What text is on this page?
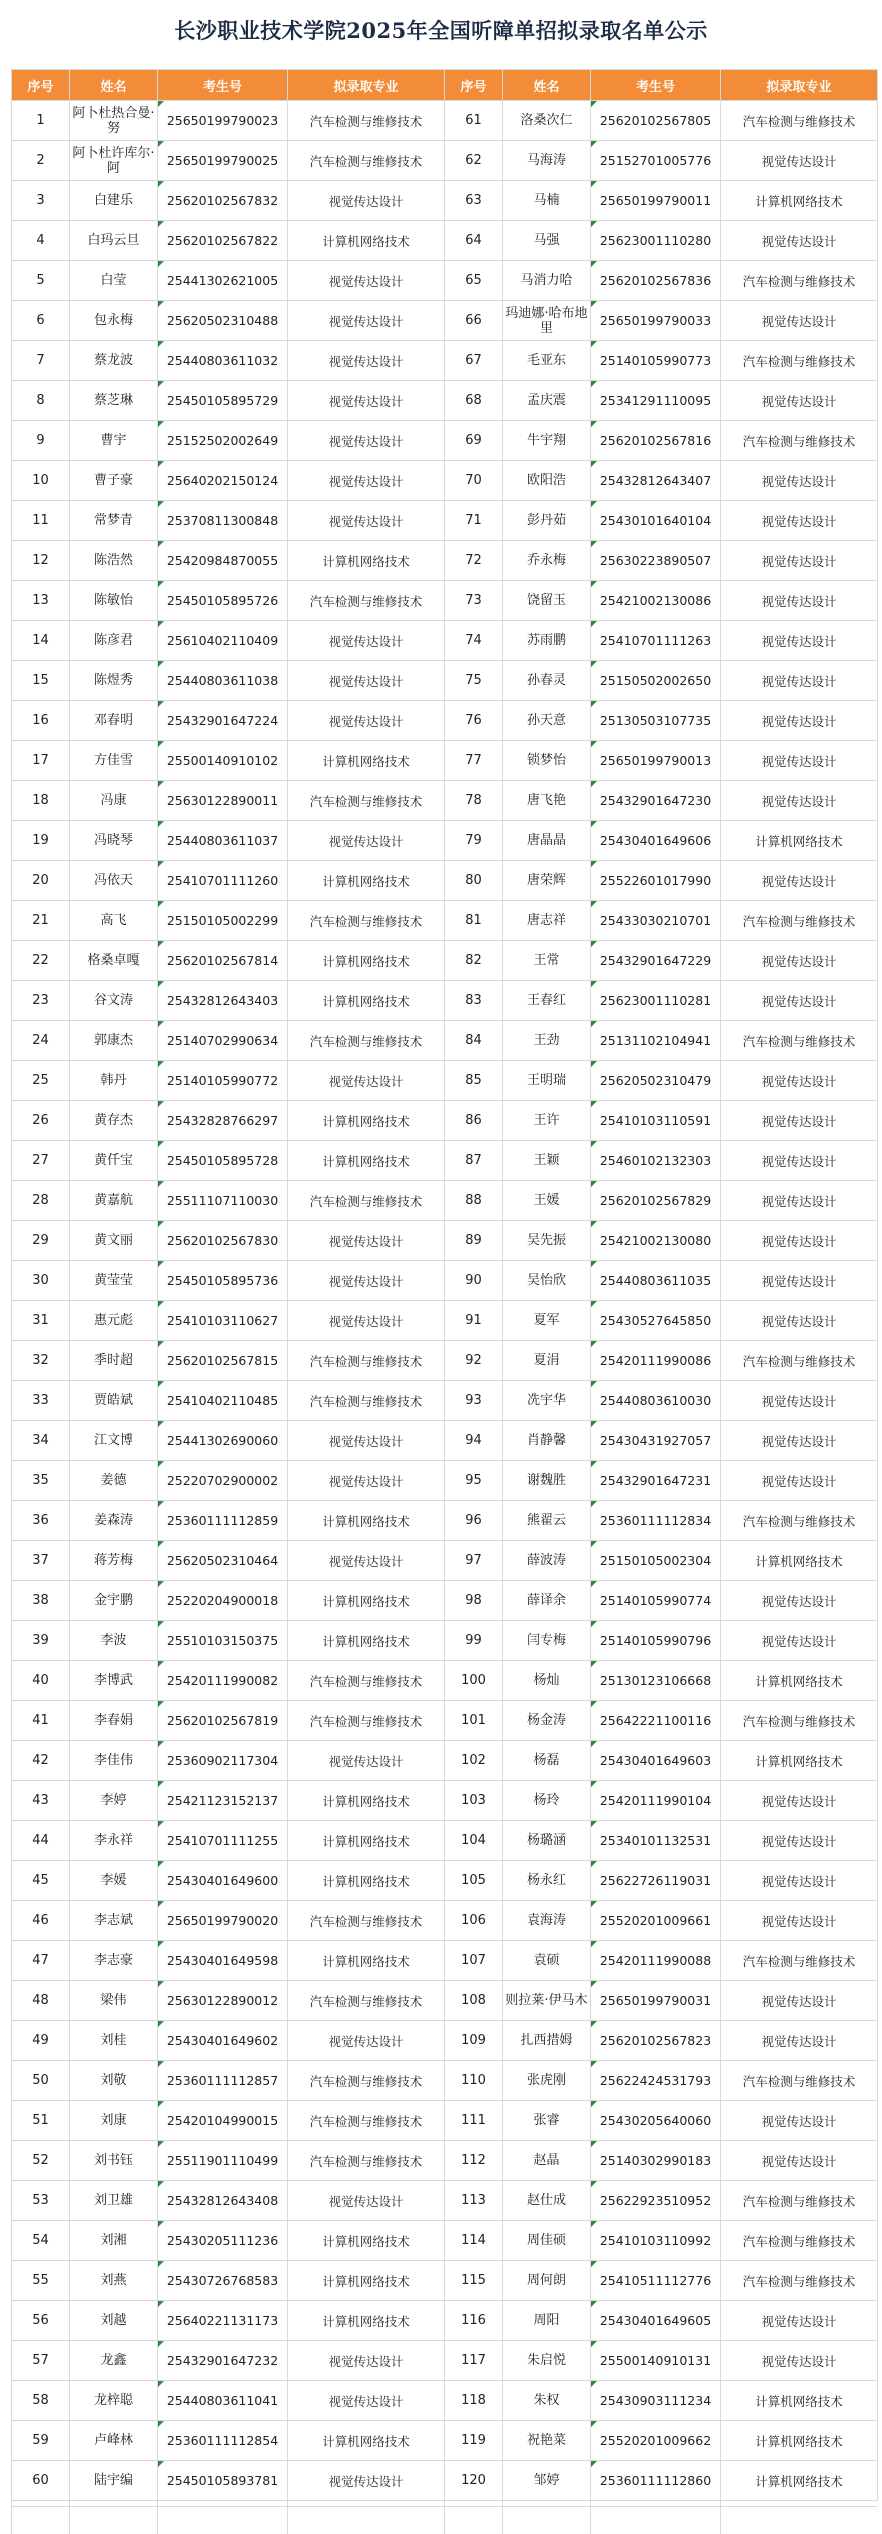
长沙职业技术学院2025年全国听障单招拟录取名单公示
序号	姓名	考生号	拟录取专业	序号	姓名	考生号	拟录取专业
1	阿卜杜热合曼·努	25650199790023	汽车检测与维修技术	61	洛桑次仁	25620102567805	汽车检测与维修技术
2	阿卜杜许库尔·阿	25650199790025	汽车检测与维修技术	62	马海涛	25152701005776	视觉传达设计
3	白建乐	25620102567832	视觉传达设计	63	马楠	25650199790011	计算机网络技术
4	白玛云旦	25620102567822	计算机网络技术	64	马强	25623001110280	视觉传达设计
5	白莹	25441302621005	视觉传达设计	65	马消力哈	25620102567836	汽车检测与维修技术
6	包永梅	25620502310488	视觉传达设计	66	玛迪娜·哈布地里	25650199790033	视觉传达设计
7	蔡龙波	25440803611032	视觉传达设计	67	毛亚东	25140105990773	汽车检测与维修技术
8	蔡芝琳	25450105895729	视觉传达设计	68	孟庆震	25341291110095	视觉传达设计
9	曹宇	25152502002649	视觉传达设计	69	牛宇翔	25620102567816	汽车检测与维修技术
10	曹子豪	25640202150124	视觉传达设计	70	欧阳浩	25432812643407	视觉传达设计
11	常梦青	25370811300848	视觉传达设计	71	彭丹茹	25430101640104	视觉传达设计
12	陈浩然	25420984870055	计算机网络技术	72	乔永梅	25630223890507	视觉传达设计
13	陈敏怡	25450105895726	汽车检测与维修技术	73	饶留玉	25421002130086	视觉传达设计
14	陈彦君	25610402110409	视觉传达设计	74	苏雨鹏	25410701111263	视觉传达设计
15	陈煜秀	25440803611038	视觉传达设计	75	孙春灵	25150502002650	视觉传达设计
16	邓春明	25432901647224	视觉传达设计	76	孙天意	25130503107735	视觉传达设计
17	方佳雪	25500140910102	计算机网络技术	77	锁梦怡	25650199790013	视觉传达设计
18	冯康	25630122890011	汽车检测与维修技术	78	唐飞艳	25432901647230	视觉传达设计
19	冯晓琴	25440803611037	视觉传达设计	79	唐晶晶	25430401649606	计算机网络技术
20	冯依天	25410701111260	计算机网络技术	80	唐荣辉	25522601017990	视觉传达设计
21	高飞	25150105002299	汽车检测与维修技术	81	唐志祥	25433030210701	汽车检测与维修技术
22	格桑卓嘎	25620102567814	计算机网络技术	82	王常	25432901647229	视觉传达设计
23	谷文涛	25432812643403	计算机网络技术	83	王春红	25623001110281	视觉传达设计
24	郭康杰	25140702990634	汽车检测与维修技术	84	王劲	25131102104941	汽车检测与维修技术
25	韩丹	25140105990772	视觉传达设计	85	王明瑞	25620502310479	视觉传达设计
26	黄存杰	25432828766297	计算机网络技术	86	王许	25410103110591	视觉传达设计
27	黄仟宝	25450105895728	计算机网络技术	87	王颖	25460102132303	视觉传达设计
28	黄嘉航	25511107110030	汽车检测与维修技术	88	王媛	25620102567829	视觉传达设计
29	黄文丽	25620102567830	视觉传达设计	89	吴先振	25421002130080	视觉传达设计
30	黄莹莹	25450105895736	视觉传达设计	90	吴怡欣	25440803611035	视觉传达设计
31	惠元彪	25410103110627	视觉传达设计	91	夏军	25430527645850	视觉传达设计
32	季时超	25620102567815	汽车检测与维修技术	92	夏涓	25420111990086	汽车检测与维修技术
33	贾皓斌	25410402110485	汽车检测与维修技术	93	冼宇华	25440803610030	视觉传达设计
34	江文博	25441302690060	视觉传达设计	94	肖静馨	25430431927057	视觉传达设计
35	姜德	25220702900002	视觉传达设计	95	谢魏胜	25432901647231	视觉传达设计
36	姜森涛	25360111112859	计算机网络技术	96	熊翟云	25360111112834	汽车检测与维修技术
37	蒋芳梅	25620502310464	视觉传达设计	97	薛波涛	25150105002304	计算机网络技术
38	金宇鹏	25220204900018	计算机网络技术	98	薛译余	25140105990774	视觉传达设计
39	李波	25510103150375	计算机网络技术	99	闫专梅	25140105990796	视觉传达设计
40	李博武	25420111990082	汽车检测与维修技术	100	杨灿	25130123106668	计算机网络技术
41	李春娟	25620102567819	汽车检测与维修技术	101	杨金涛	25642221100116	汽车检测与维修技术
42	李佳伟	25360902117304	视觉传达设计	102	杨磊	25430401649603	计算机网络技术
43	李婷	25421123152137	计算机网络技术	103	杨玲	25420111990104	视觉传达设计
44	李永祥	25410701111255	计算机网络技术	104	杨璐涵	25340101132531	视觉传达设计
45	李媛	25430401649600	计算机网络技术	105	杨永红	25622726119031	视觉传达设计
46	李志斌	25650199790020	汽车检测与维修技术	106	袁海涛	25520201009661	视觉传达设计
47	李志豪	25430401649598	计算机网络技术	107	袁硕	25420111990088	汽车检测与维修技术
48	梁伟	25630122890012	汽车检测与维修技术	108	则拉莱·伊马木	25650199790031	视觉传达设计
49	刘桂	25430401649602	视觉传达设计	109	扎西措姆	25620102567823	视觉传达设计
50	刘敬	25360111112857	汽车检测与维修技术	110	张虎刚	25622424531793	汽车检测与维修技术
51	刘康	25420104990015	汽车检测与维修技术	111	张睿	25430205640060	视觉传达设计
52	刘书钰	25511901110499	汽车检测与维修技术	112	赵晶	25140302990183	视觉传达设计
53	刘卫雄	25432812643408	视觉传达设计	113	赵仕成	25622923510952	汽车检测与维修技术
54	刘湘	25430205111236	计算机网络技术	114	周佳硕	25410103110992	汽车检测与维修技术
55	刘燕	25430726768583	计算机网络技术	115	周何朗	25410511112776	汽车检测与维修技术
56	刘越	25640221131173	计算机网络技术	116	周阳	25430401649605	视觉传达设计
57	龙鑫	25432901647232	视觉传达设计	117	朱启悦	25500140910131	视觉传达设计
58	龙梓聪	25440803611041	视觉传达设计	118	朱权	25430903111234	计算机网络技术
59	卢峰林	25360111112854	计算机网络技术	119	祝艳菜	25520201009662	计算机网络技术
60	陆宇编	25450105893781	视觉传达设计	120	邹婷	25360111112860	计算机网络技术
